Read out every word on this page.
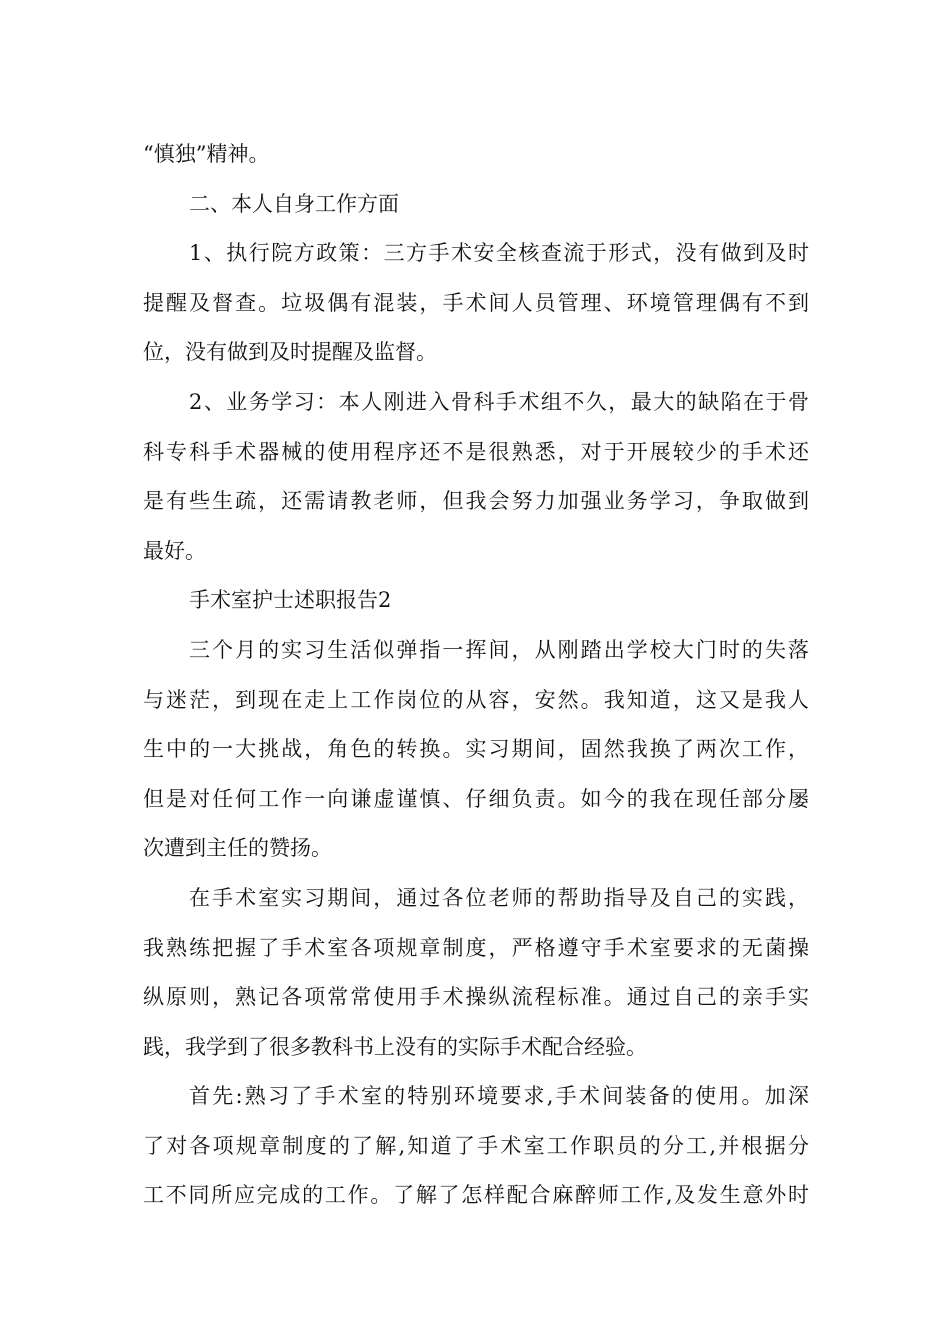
“慎独”精神。
二、本人自身工作方面
1、执行院方政策：三方手术安全核查流于形式，没有做到及时
提醒及督查。垃圾偶有混装，手术间人员管理、环境管理偶有不到
位，没有做到及时提醒及监督。
2、业务学习：本人刚进入骨科手术组不久，最大的缺陷在于骨
科专科手术器械的使用程序还不是很熟悉，对于开展较少的手术还
是有些生疏，还需请教老师，但我会努力加强业务学习，争取做到
最好。
手术室护士述职报告2
三个月的实习生活似弹指一挥间，从刚踏出学校大门时的失落
与迷茫，到现在走上工作岗位的从容，安然。我知道，这又是我人
生中的一大挑战，角色的转换。实习期间，固然我换了两次工作，
但是对任何工作一向谦虚谨慎、仔细负责。如今的我在现任部分屡
次遭到主任的赞扬。
在手术室实习期间，通过各位老师的帮助指导及自己的实践，
我熟练把握了手术室各项规章制度，严格遵守手术室要求的无菌操
纵原则，熟记各项常常使用手术操纵流程标准。通过自己的亲手实
践，我学到了很多教科书上没有的实际手术配合经验。
首先:熟习了手术室的特别环境要求,手术间装备的使用。加深
了对各项规章制度的了解,知道了手术室工作职员的分工,并根据分
工不同所应完成的工作。了解了怎样配合麻醉师工作,及发生意外时
